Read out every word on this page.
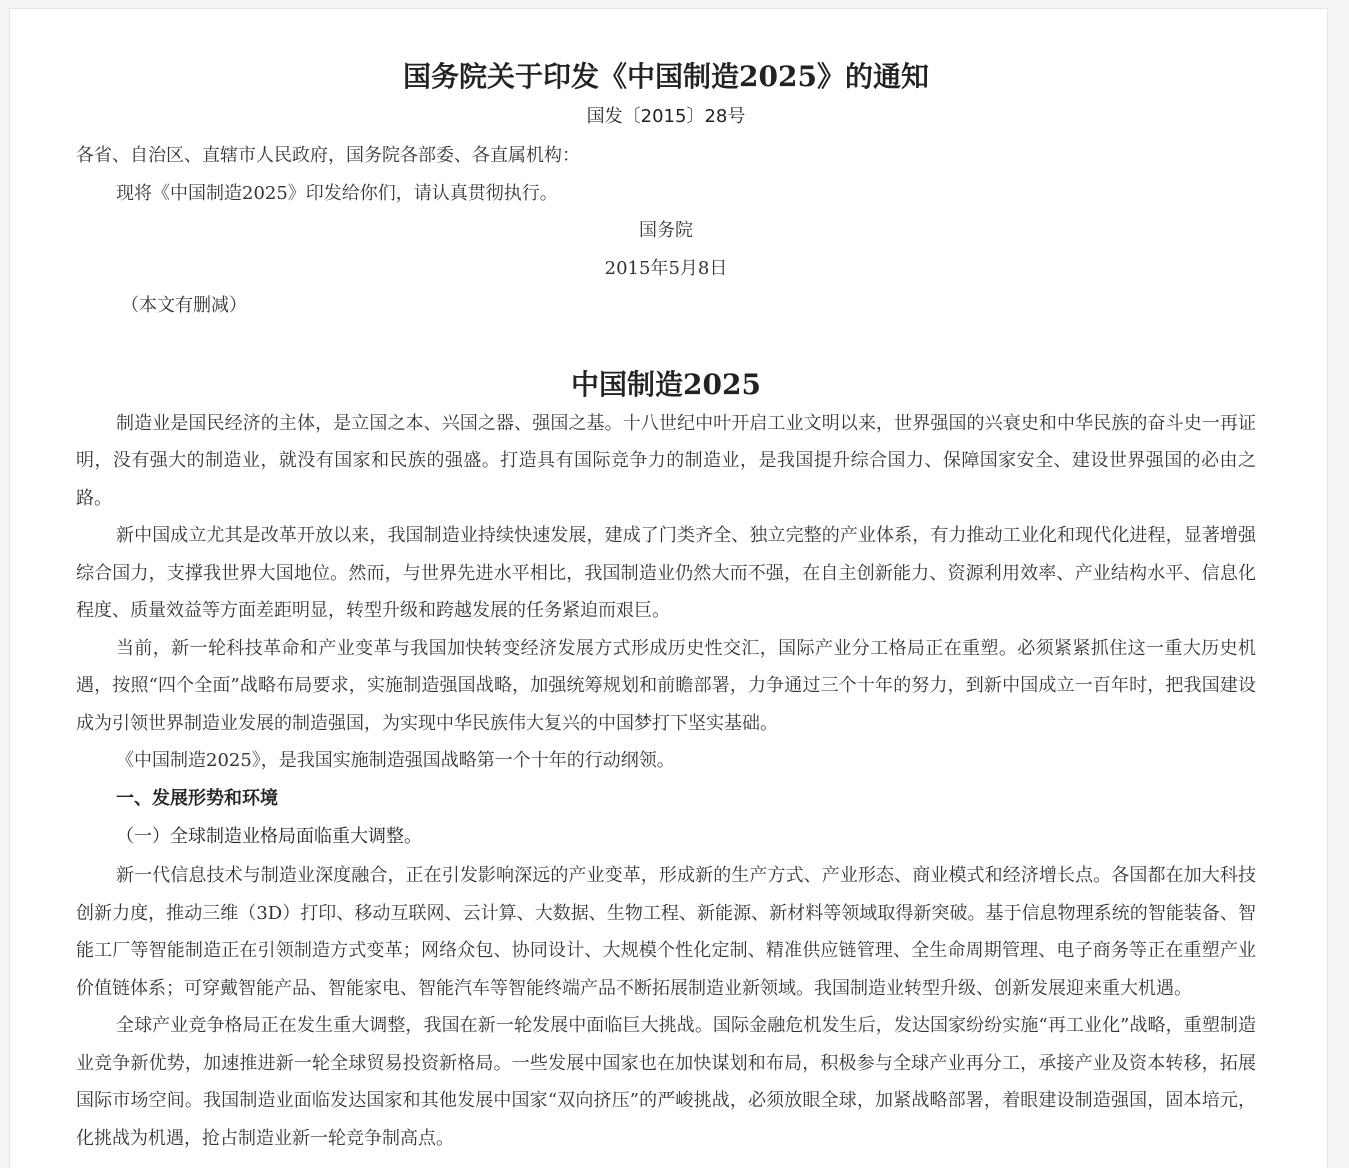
国务院关于印发《中国制造2025》的通知

国发〔2015〕28号

各省、自治区、直辖市人民政府，国务院各部委、各直属机构：

现将《中国制造2025》印发给你们，请认真贯彻执行。

国务院

2015年5月8日

（本文有删减）

中国制造2025

制造业是国民经济的主体，是立国之本、兴国之器、强国之基。十八世纪中叶开启工业文明以来，世界强国的兴衰史和中华民族的奋斗史一再证明，没有强大的制造业，就没有国家和民族的强盛。打造具有国际竞争力的制造业，是我国提升综合国力、保障国家安全、建设世界强国的必由之路。

新中国成立尤其是改革开放以来，我国制造业持续快速发展，建成了门类齐全、独立完整的产业体系，有力推动工业化和现代化进程，显著增强综合国力，支撑我世界大国地位。然而，与世界先进水平相比，我国制造业仍然大而不强，在自主创新能力、资源利用效率、产业结构水平、信息化程度、质量效益等方面差距明显，转型升级和跨越发展的任务紧迫而艰巨。

当前，新一轮科技革命和产业变革与我国加快转变经济发展方式形成历史性交汇，国际产业分工格局正在重塑。必须紧紧抓住这一重大历史机遇，按照“四个全面”战略布局要求，实施制造强国战略，加强统筹规划和前瞻部署，力争通过三个十年的努力，到新中国成立一百年时，把我国建设成为引领世界制造业发展的制造强国，为实现中华民族伟大复兴的中国梦打下坚实基础。

《中国制造2025》，是我国实施制造强国战略第一个十年的行动纲领。

一、发展形势和环境

（一）全球制造业格局面临重大调整。

新一代信息技术与制造业深度融合，正在引发影响深远的产业变革，形成新的生产方式、产业形态、商业模式和经济增长点。各国都在加大科技创新力度，推动三维（3D）打印、移动互联网、云计算、大数据、生物工程、新能源、新材料等领域取得新突破。基于信息物理系统的智能装备、智能工厂等智能制造正在引领制造方式变革；网络众包、协同设计、大规模个性化定制、精准供应链管理、全生命周期管理、电子商务等正在重塑产业价值链体系；可穿戴智能产品、智能家电、智能汽车等智能终端产品不断拓展制造业新领域。我国制造业转型升级、创新发展迎来重大机遇。

全球产业竞争格局正在发生重大调整，我国在新一轮发展中面临巨大挑战。国际金融危机发生后，发达国家纷纷实施“再工业化”战略，重塑制造业竞争新优势，加速推进新一轮全球贸易投资新格局。一些发展中国家也在加快谋划和布局，积极参与全球产业再分工，承接产业及资本转移，拓展国际市场空间。我国制造业面临发达国家和其他发展中国家“双向挤压”的严峻挑战，必须放眼全球，加紧战略部署，着眼建设制造强国，固本培元，化挑战为机遇，抢占制造业新一轮竞争制高点。
